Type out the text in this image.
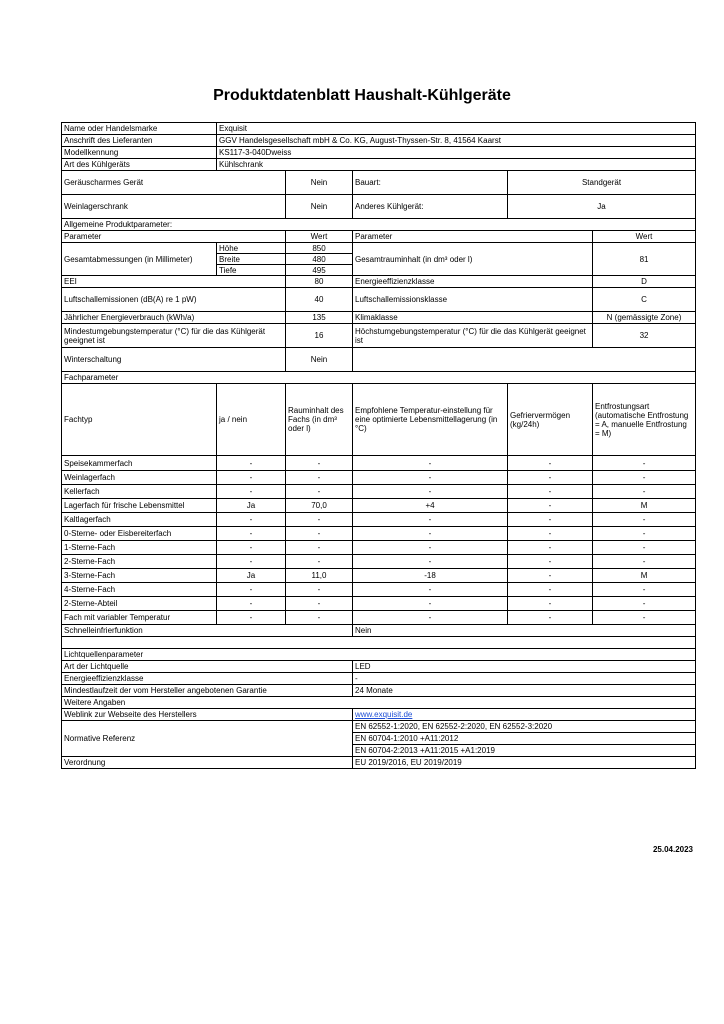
Produktdatenblatt Haushalt-Kühlgeräte
Name oder Handelsmarke	Exquisit				
Anschrift des Lieferanten	GGV Handelsgesellschaft mbH & Co. KG, August-Thyssen-Str. 8, 41564 Kaarst				
Modellkennung	KS117-3-040Dweiss				
Art des Kühlgeräts	Kühlschrank				
Geräuscharmes Gerät		Nein	Bauart:	Standgerät	
Weinlagerschrank		Nein	Anderes Kühlgerät:	Ja	
Allgemeine Produktparameter:					
Parameter		Wert	Parameter		Wert
Gesamtabmessungen (in Millimeter)	Höhe	850	Gesamtrauminhalt (in dm³ oder l)		81
	Breite	480			
	Tiefe	495			
EEI		80	Energieeffizienzklasse		D
Luftschallemissionen (dB(A) re 1 pW)		40	Luftschallemissionsklasse		C
Jährlicher Energieverbrauch (kWh/a)		135	Klimaklasse		N (gemässigte Zone)
Mindestumgebungstemperatur (°C) für die das Kühlgerät geeignet ist		16	Höchstumgebungstemperatur (°C) für die das Kühlgerät geeignet ist		32
Winterschaltung		Nein			
Fachparameter					
Fachtyp	ja / nein	Rauminhalt des Fachs (in dm³ oder l)	Empfohlene Temperatur-einstellung für eine optimierte Lebensmittellagerung (in °C)	Gefriervermögen (kg/24h)	Entfrostungsart (automatische Entfrostung = A, manuelle Entfrostung = M)
Speisekammerfach	-	-	-	-	-
Weinlagerfach	-	-	-	-	-
Kellerfach	-	-	-	-	-
Lagerfach für frische Lebensmittel	Ja	70,0	+4	-	M
Kaltlagerfach	-	-	-	-	-
0-Sterne- oder Eisbereiterfach	-	-	-	-	-
1-Sterne-Fach	-	-	-	-	-
2-Sterne-Fach	-	-	-	-	-
3-Sterne-Fach	Ja	11,0	-18	-	M
4-Sterne-Fach	-	-	-	-	-
2-Sterne-Abteil	-	-	-	-	-
Fach mit variabler Temperatur	-	-	-	-	-
Schnelleinfrierfunktion			Nein		

Lichtquellenparameter					
Art der Lichtquelle			LED		
Energieeffizienzklasse			-		
Mindestlaufzeit der vom Hersteller angebotenen Garantie			24 Monate		
Weitere Angaben					
Weblink zur Webseite des Herstellers			www.exquisit.de		
Normative Referenz			EN 62552-1:2020, EN 62552-2:2020, EN 62552-3:2020		
			EN 60704-1:2010 +A11:2012		
			EN 60704-2:2013 +A11:2015 +A1:2019		
Verordnung			EU 2019/2016, EU 2019/2019		
25.04.2023
